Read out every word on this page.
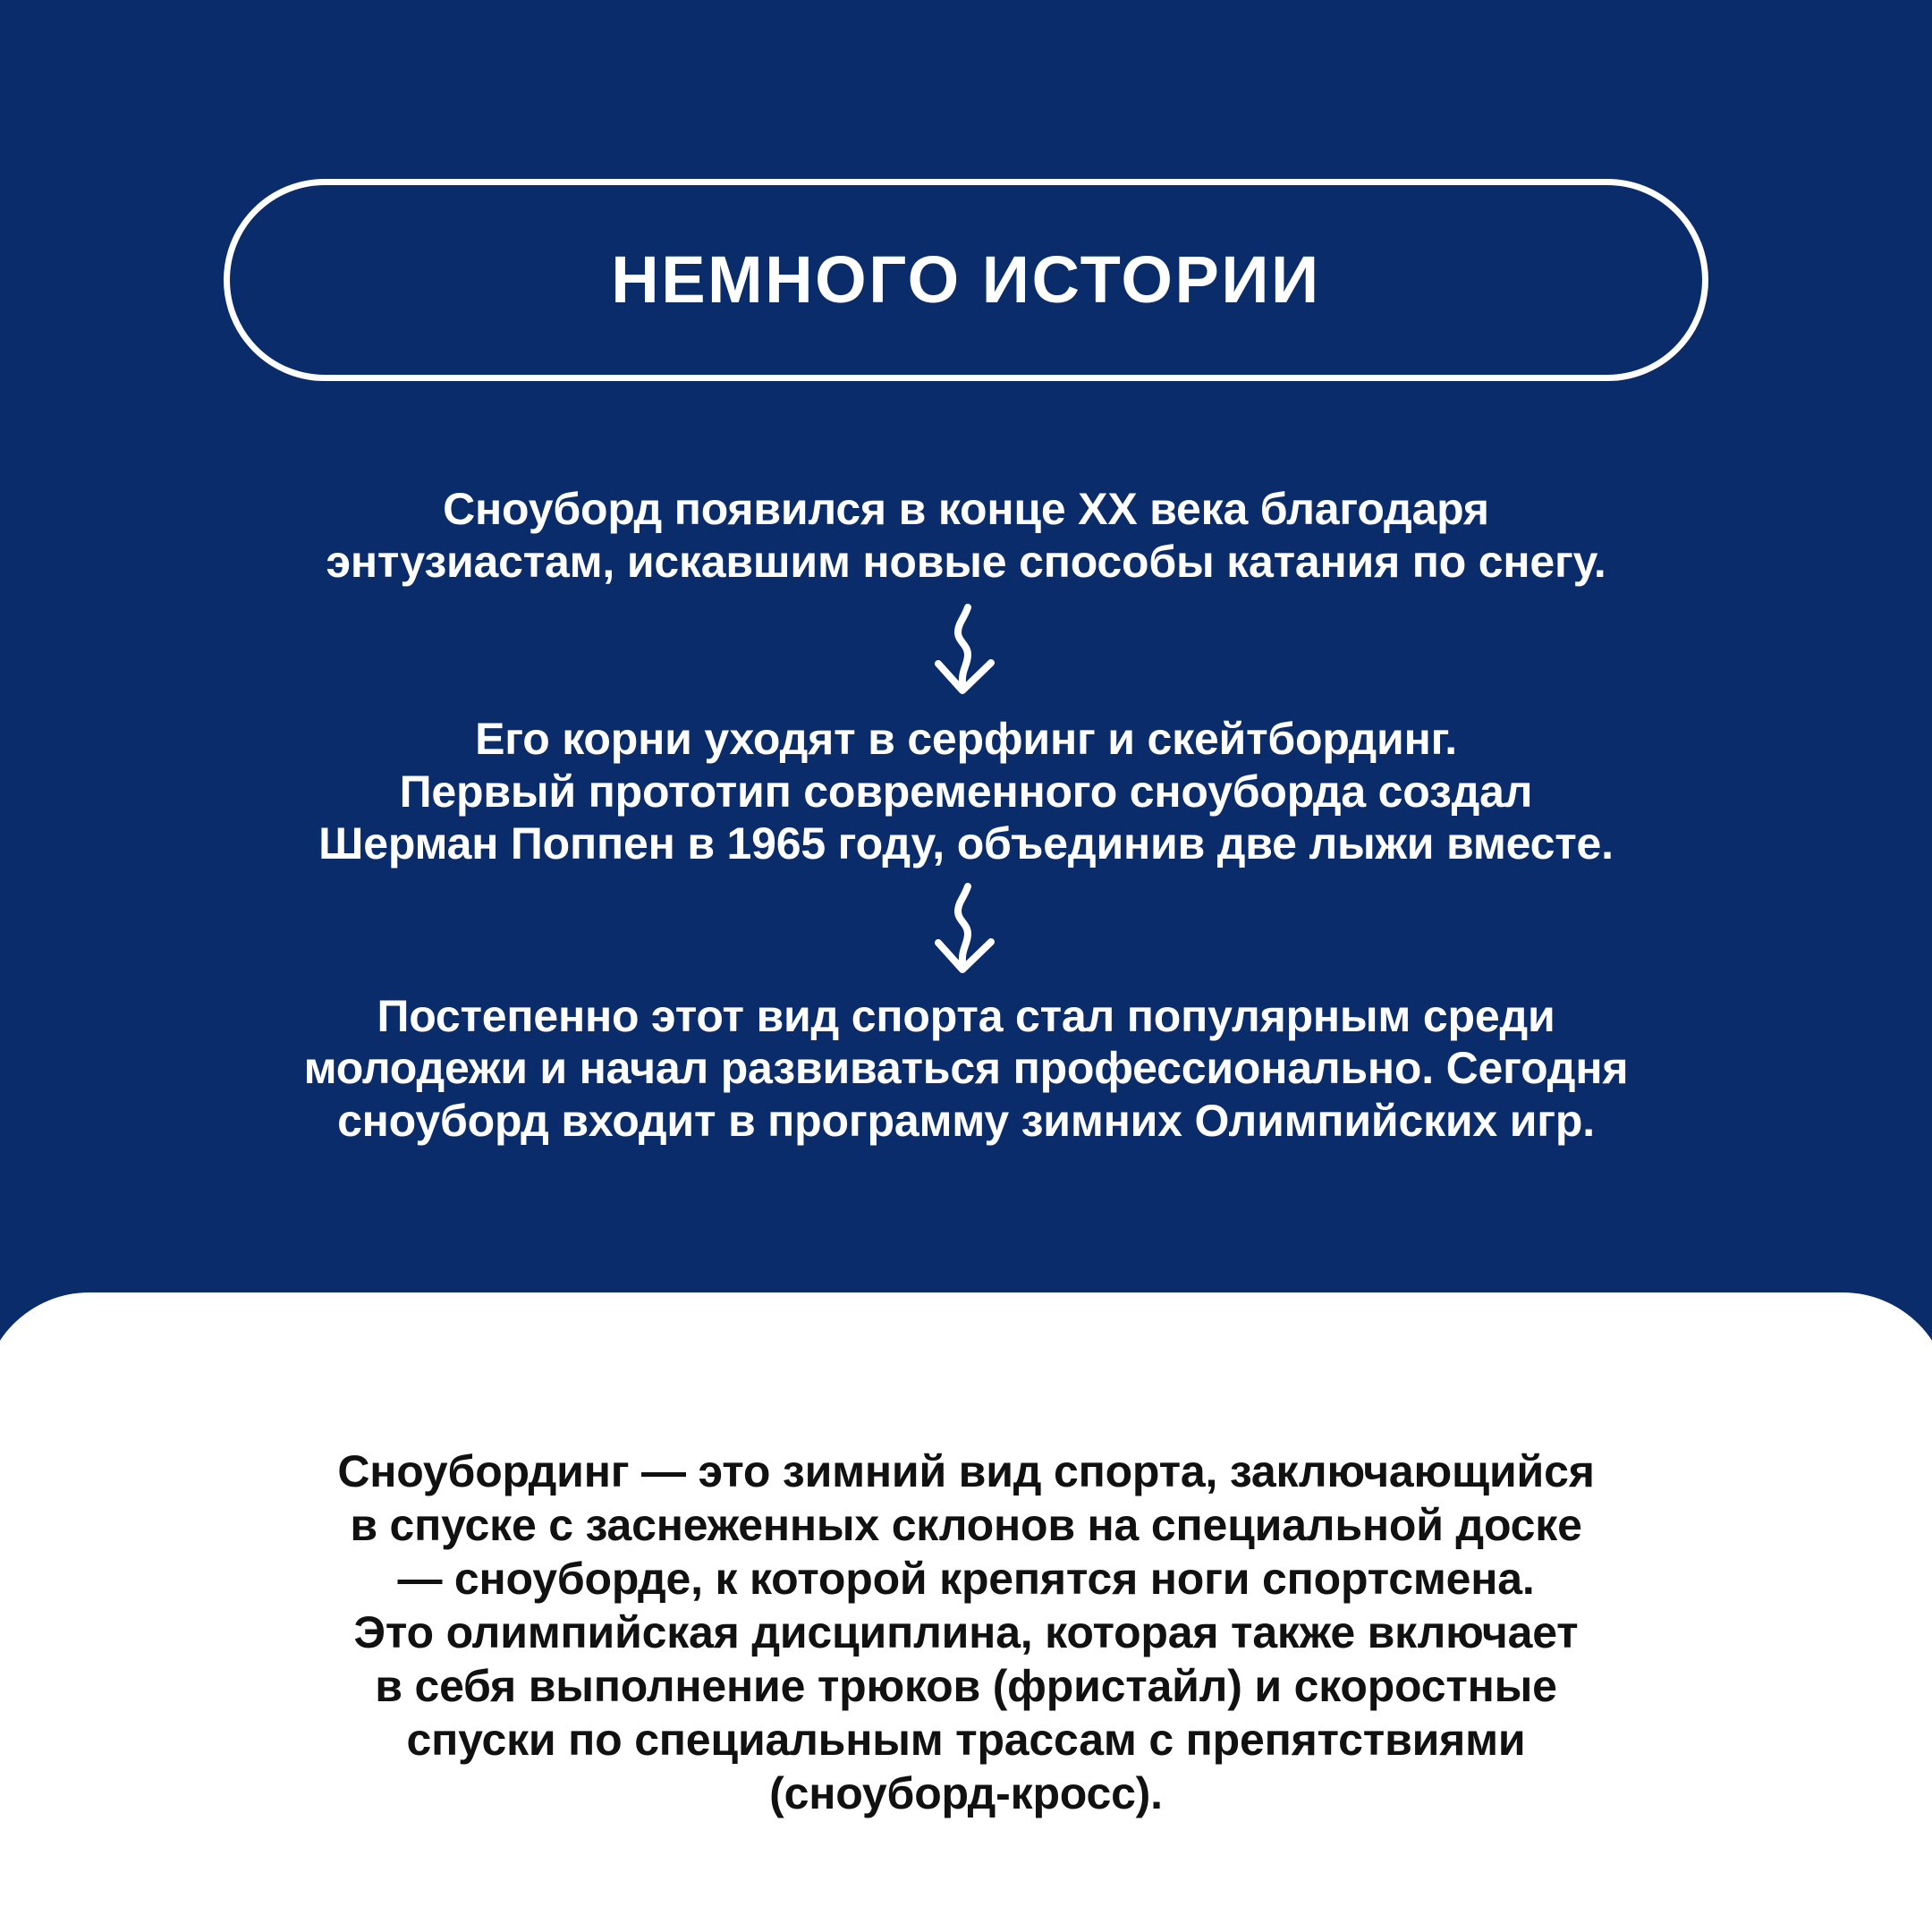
НЕМНОГО ИСТОРИИ
Сноуборд появился в конце XX века благодаря
энтузиастам, искавшим новые способы катания по снегу.
Его корни уходят в серфинг и скейтбординг.
Первый прототип современного сноуборда создал
Шерман Поппен в 1965 году, объединив две лыжи вместе.
Постепенно этот вид спорта стал популярным среди
молодежи и начал развиваться профессионально. Сегодня
сноуборд входит в программу зимних Олимпийских игр.
Сноубординг — это зимний вид спорта, заключающийся
в спуске с заснеженных склонов на специальной доске
— сноуборде, к которой крепятся ноги спортсмена.
Это олимпийская дисциплина, которая также включает
в себя выполнение трюков (фристайл) и скоростные
спуски по специальным трассам с препятствиями
(сноуборд-кросс).
